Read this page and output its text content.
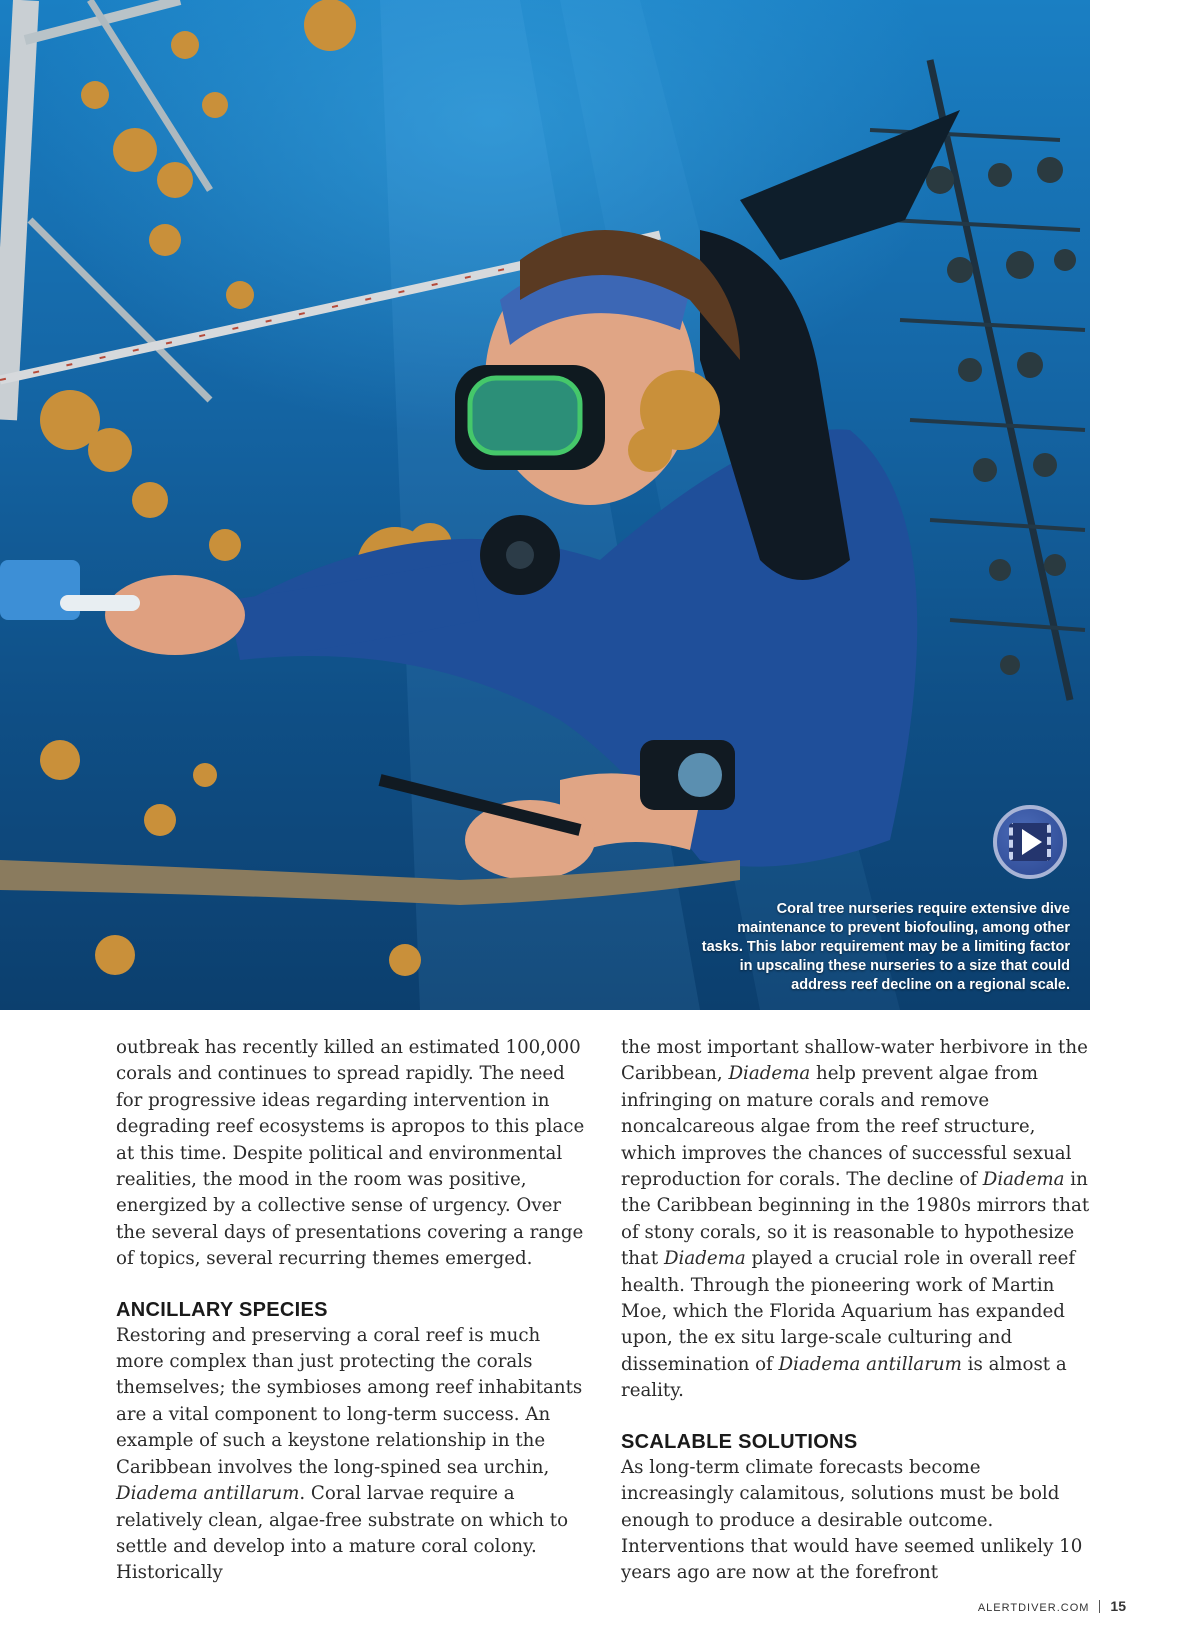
Coral tree nurseries require extensive dive maintenance to prevent biofouling, among other tasks. This labor requirement may be a limiting factor in upscaling these nurseries to a size that could address reef decline on a regional scale.

outbreak has recently killed an estimated 100,000 corals and continues to spread rapidly. The need for progressive ideas regarding intervention in degrading reef ecosystems is apropos to this place at this time. Despite political and environmental realities, the mood in the room was positive, energized by a collective sense of urgency. Over the several days of presentations covering a range of topics, several recurring themes emerged.

ANCILLARY SPECIES

Restoring and preserving a coral reef is much more complex than just protecting the corals themselves; the symbioses among reef inhabitants are a vital component to long-term success. An example of such a keystone relationship in the Caribbean involves the long-spined sea urchin, Diadema antillarum. Coral larvae require a relatively clean, algae-free substrate on which to settle and develop into a mature coral colony. Historically

the most important shallow-water herbivore in the Caribbean, Diadema help prevent algae from infringing on mature corals and remove noncalcareous algae from the reef structure, which improves the chances of successful sexual reproduction for corals. The decline of Diadema in the Caribbean beginning in the 1980s mirrors that of stony corals, so it is reasonable to hypothesize that Diadema played a crucial role in overall reef health. Through the pioneering work of Martin Moe, which the Florida Aquarium has expanded upon, the ex situ large-scale culturing and dissemination of Diadema antillarum is almost a reality.

SCALABLE SOLUTIONS

As long-term climate forecasts become increasingly calamitous, solutions must be bold enough to produce a desirable outcome. Interventions that would have seemed unlikely 10 years ago are now at the forefront

ALERTDIVER.COM 15
